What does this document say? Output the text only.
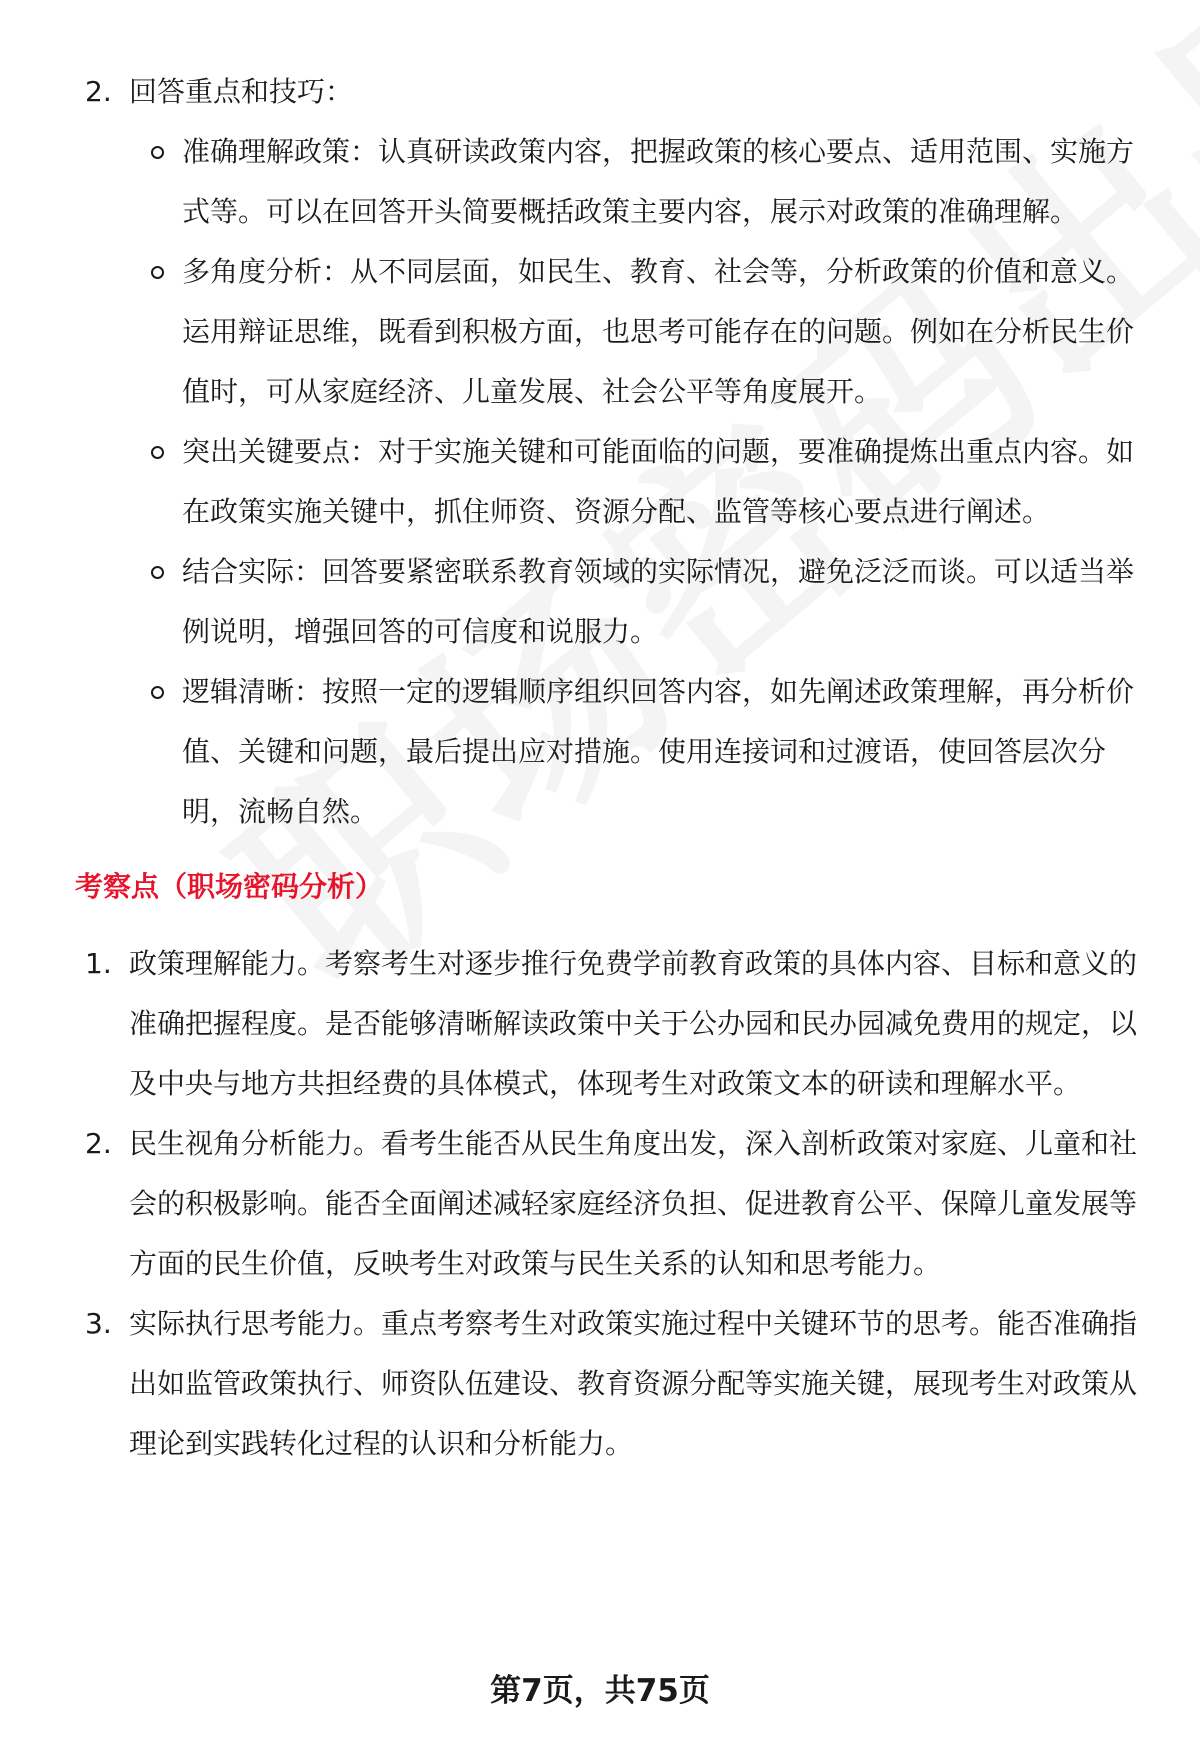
2. 回答重点和技巧：
准确理解政策：认真研读政策内容，把握政策的核心要点、适用范围、实施方式等。可以在回答开头简要概括政策主要内容，展示对政策的准确理解。
多角度分析：从不同层面，如民生、教育、社会等，分析政策的价值和意义。运用辩证思维，既看到积极方面，也思考可能存在的问题。例如在分析民生价值时，可从家庭经济、儿童发展、社会公平等角度展开。
突出关键要点：对于实施关键和可能面临的问题，要准确提炼出重点内容。如在政策实施关键中，抓住师资、资源分配、监管等核心要点进行阐述。
结合实际：回答要紧密联系教育领域的实际情况，避免泛泛而谈。可以适当举例说明，增强回答的可信度和说服力。
逻辑清晰：按照一定的逻辑顺序组织回答内容，如先阐述政策理解，再分析价值、关键和问题，最后提出应对措施。使用连接词和过渡语，使回答层次分明，流畅自然。
考察点（职场密码分析）
1. 政策理解能力。考察考生对逐步推行免费学前教育政策的具体内容、目标和意义的准确把握程度。是否能够清晰解读政策中关于公办园和民办园减免费用的规定，以及中央与地方共担经费的具体模式，体现考生对政策文本的研读和理解水平。
2. 民生视角分析能力。看考生能否从民生角度出发，深入剖析政策对家庭、儿童和社会的积极影响。能否全面阐述减轻家庭经济负担、促进教育公平、保障儿童发展等方面的民生价值，反映考生对政策与民生关系的认知和思考能力。
3. 实际执行思考能力。重点考察考生对政策实施过程中关键环节的思考。能否准确指出如监管政策执行、师资队伍建设、教育资源分配等实施关键，展现考生对政策从理论到实践转化过程的认识和分析能力。
第7页，共75页
